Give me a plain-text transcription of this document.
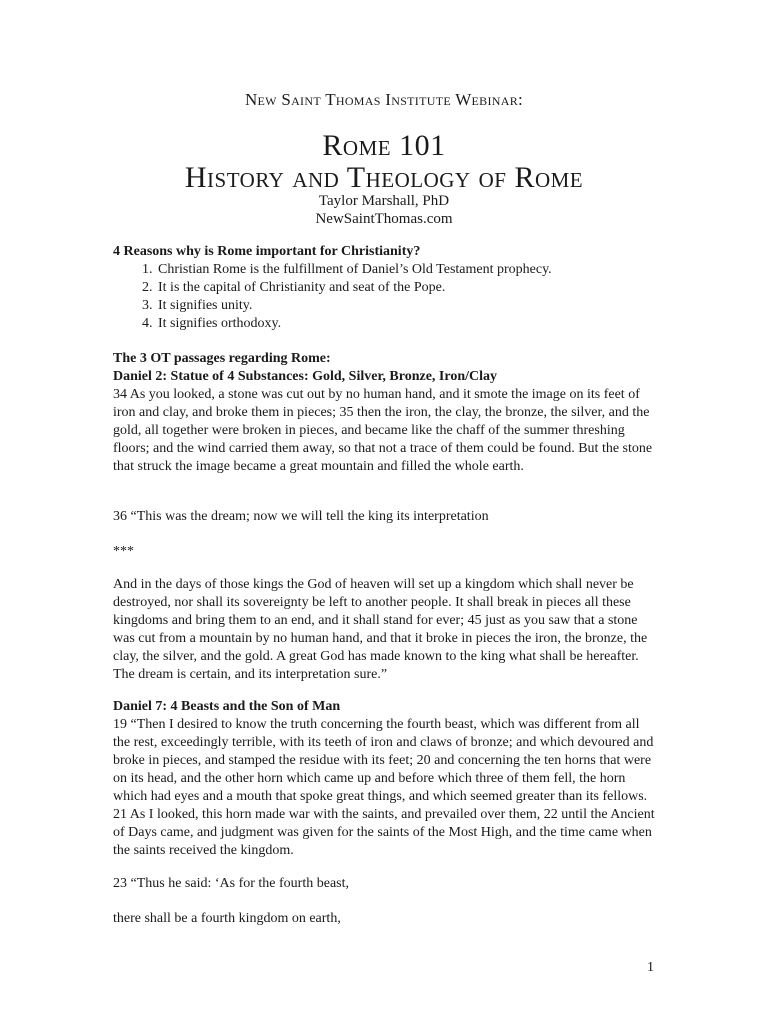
New Saint Thomas Institute Webinar:
Rome 101
History and Theology of Rome
Taylor Marshall, PhD
NewSaintThomas.com

4 Reasons why is Rome important for Christianity?

1. Christian Rome is the fulfillment of Daniel’s Old Testament prophecy.
2. It is the capital of Christianity and seat of the Pope.
3. It signifies unity.
4. It signifies orthodoxy.

The 3 OT passages regarding Rome:

Daniel 2: Statue of 4 Substances: Gold, Silver, Bronze, Iron/Clay

34 As you looked, a stone was cut out by no human hand, and it smote the image on its feet of iron and clay, and broke them in pieces; 35 then the iron, the clay, the bronze, the silver, and the gold, all together were broken in pieces, and became like the chaff of the summer threshing floors; and the wind carried them away, so that not a trace of them could be found. But the stone that struck the image became a great mountain and filled the whole earth.

36 “This was the dream; now we will tell the king its interpretation

***

And in the days of those kings the God of heaven will set up a kingdom which shall never be destroyed, nor shall its sovereignty be left to another people. It shall break in pieces all these kingdoms and bring them to an end, and it shall stand for ever; 45 just as you saw that a stone was cut from a mountain by no human hand, and that it broke in pieces the iron, the bronze, the clay, the silver, and the gold. A great God has made known to the king what shall be hereafter. The dream is certain, and its interpretation sure.”

Daniel 7: 4 Beasts and the Son of Man

19 “Then I desired to know the truth concerning the fourth beast, which was different from all the rest, exceedingly terrible, with its teeth of iron and claws of bronze; and which devoured and broke in pieces, and stamped the residue with its feet; 20 and concerning the ten horns that were on its head, and the other horn which came up and before which three of them fell, the horn which had eyes and a mouth that spoke great things, and which seemed greater than its fellows. 21 As I looked, this horn made war with the saints, and prevailed over them, 22 until the Ancient of Days came, and judgment was given for the saints of the Most High, and the time came when the saints received the kingdom.

23 “Thus he said: ‘As for the fourth beast,

there shall be a fourth kingdom on earth,

1
